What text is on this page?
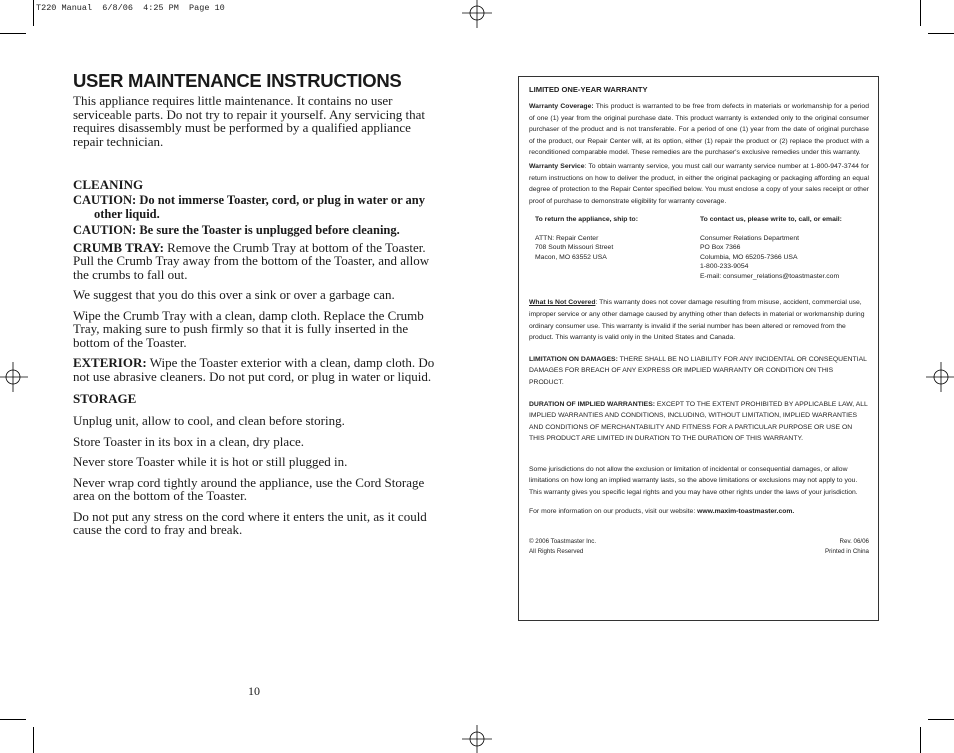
T220 Manual  6/8/06  4:25 PM  Page 10
USER MAINTENANCE INSTRUCTIONS

This appliance requires little maintenance. It contains no user serviceable parts. Do not try to repair it yourself. Any servicing that requires disassembly must be performed by a qualified appliance repair technician.

CLEANING

CAUTION: Do not immerse Toaster, cord, or plug in water or any other liquid.

CAUTION: Be sure the Toaster is unplugged before cleaning.

CRUMB TRAY: Remove the Crumb Tray at bottom of the Toaster. Pull the Crumb Tray away from the bottom of the Toaster, and allow the crumbs to fall out.

We suggest that you do this over a sink or over a garbage can.

Wipe the Crumb Tray with a clean, damp cloth. Replace the Crumb Tray, making sure to push firmly so that it is fully inserted in the bottom of the Toaster.

EXTERIOR: Wipe the Toaster exterior with a clean, damp cloth. Do not use abrasive cleaners. Do not put cord, or plug in water or liquid.

STORAGE

Unplug unit, allow to cool, and clean before storing.

Store Toaster in its box in a clean, dry place.

Never store Toaster while it is hot or still plugged in.

Never wrap cord tightly around the appliance, use the Cord Storage area on the bottom of the Toaster.

Do not put any stress on the cord where it enters the unit, as it could cause the cord to fray and break.

10
LIMITED ONE-YEAR WARRANTY

Warranty Coverage: This product is warranted to be free from defects in materials or workmanship for a period of one (1) year from the original purchase date. This product warranty is extended only to the original consumer purchaser of the product and is not transferable. For a period of one (1) year from the date of original purchase of the product, our Repair Center will, at its option, either (1) repair the product or (2) replace the product with a reconditioned comparable model. These remedies are the purchaser's exclusive remedies under this warranty.

Warranty Service: To obtain warranty service, you must call our warranty service number at 1-800-947-3744 for return instructions on how to deliver the product, in either the original packaging or packaging affording an equal degree of protection to the Repair Center specified below. You must enclose a copy of your sales receipt or other proof of purchase to demonstrate eligibility for warranty coverage.

To return the appliance, ship to:
ATTN: Repair Center
708 South Missouri Street
Macon, MO 63552 USA
To contact us, please write to, call, or email:
Consumer Relations Department
PO Box 7366
Columbia, MO 65205-7366 USA
1-800-233-9054
E-mail: consumer_relations@toastmaster.com

What Is Not Covered: This warranty does not cover damage resulting from misuse, accident, commercial use, improper service or any other damage caused by anything other than defects in material or workmanship during ordinary consumer use. This warranty is invalid if the serial number has been altered or removed from the product. This warranty is valid only in the United States and Canada.

LIMITATION ON DAMAGES: THERE SHALL BE NO LIABILITY FOR ANY INCIDENTAL OR CONSEQUENTIAL DAMAGES FOR BREACH OF ANY EXPRESS OR IMPLIED WARRANTY OR CONDITION ON THIS PRODUCT.

DURATION OF IMPLIED WARRANTIES: EXCEPT TO THE EXTENT PROHIBITED BY APPLICABLE LAW, ALL IMPLIED WARRANTIES AND CONDITIONS, INCLUDING, WITHOUT LIMITATION, IMPLIED WARRANTIES AND CONDITIONS OF MERCHANTABILITY AND FITNESS FOR A PARTICULAR PURPOSE OR USE ON THIS PRODUCT ARE LIMITED IN DURATION TO THE DURATION OF THIS WARRANTY.

Some jurisdictions do not allow the exclusion or limitation of incidental or consequential damages, or allow limitations on how long an implied warranty lasts, so the above limitations or exclusions may not apply to you. This warranty gives you specific legal rights and you may have other rights under the laws of your jurisdiction.

For more information on our products, visit our website: www.maxim-toastmaster.com.

© 2006 Toastmaster Inc.
All Rights Reserved
Rev. 06/06
Printed in China
